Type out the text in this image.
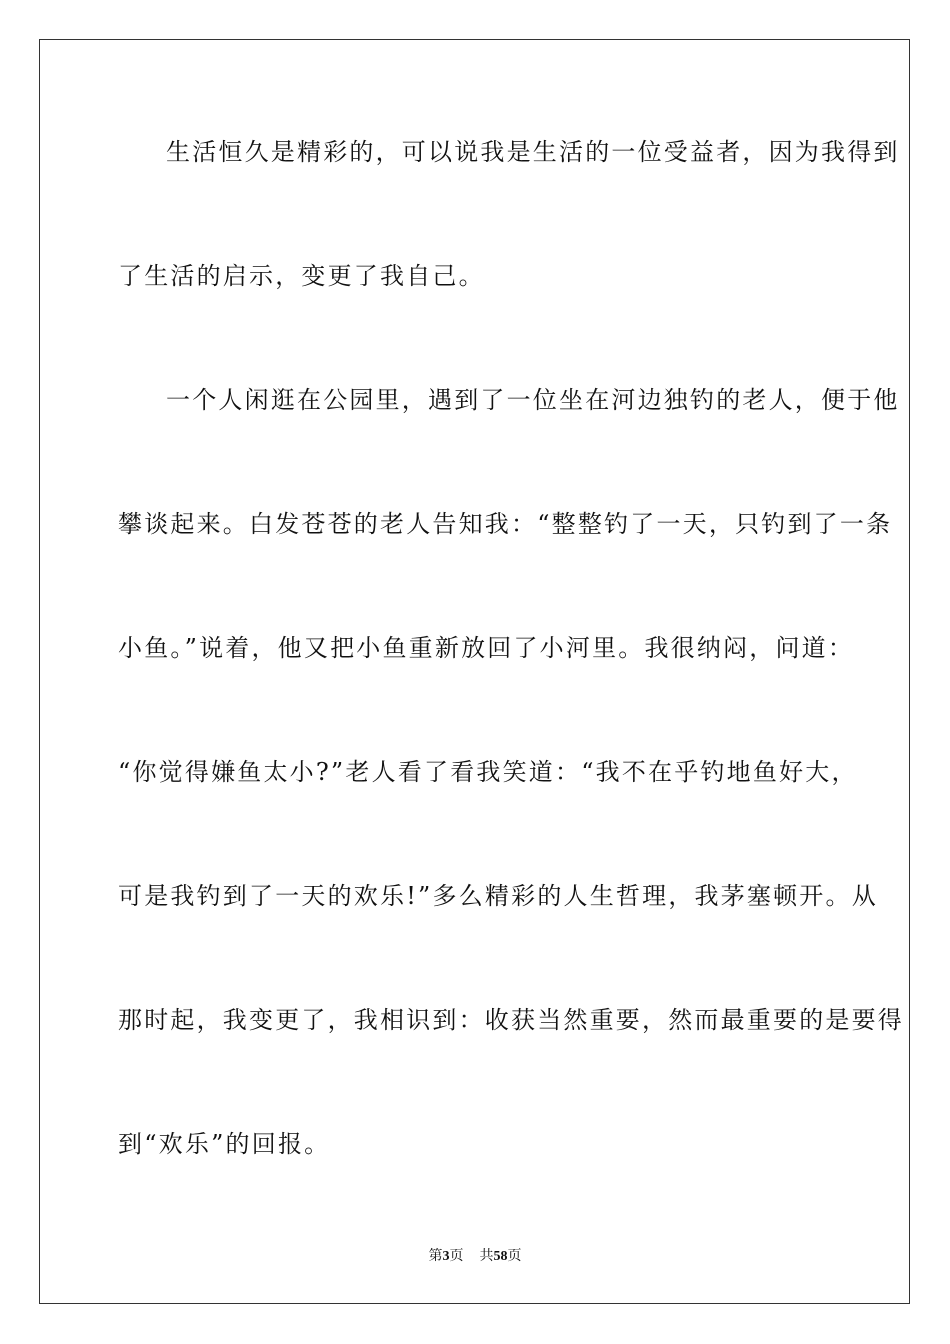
生活恒久是精彩的，可以说我是生活的一位受益者，因为我得到
了生活的启示，变更了我自己。
一个人闲逛在公园里，遇到了一位坐在河边独钓的老人，便于他
攀谈起来。白发苍苍的老人告知我：“整整钓了一天，只钓到了一条
小鱼。”说着，他又把小鱼重新放回了小河里。我很纳闷，问道：
“你觉得嫌鱼太小?”老人看了看我笑道：“我不在乎钓地鱼好大，
可是我钓到了一天的欢乐!”多么精彩的人生哲理，我茅塞顿开。从
那时起，我变更了，我相识到：收获当然重要，然而最重要的是要得
到“欢乐”的回报。
第3页 共58页
